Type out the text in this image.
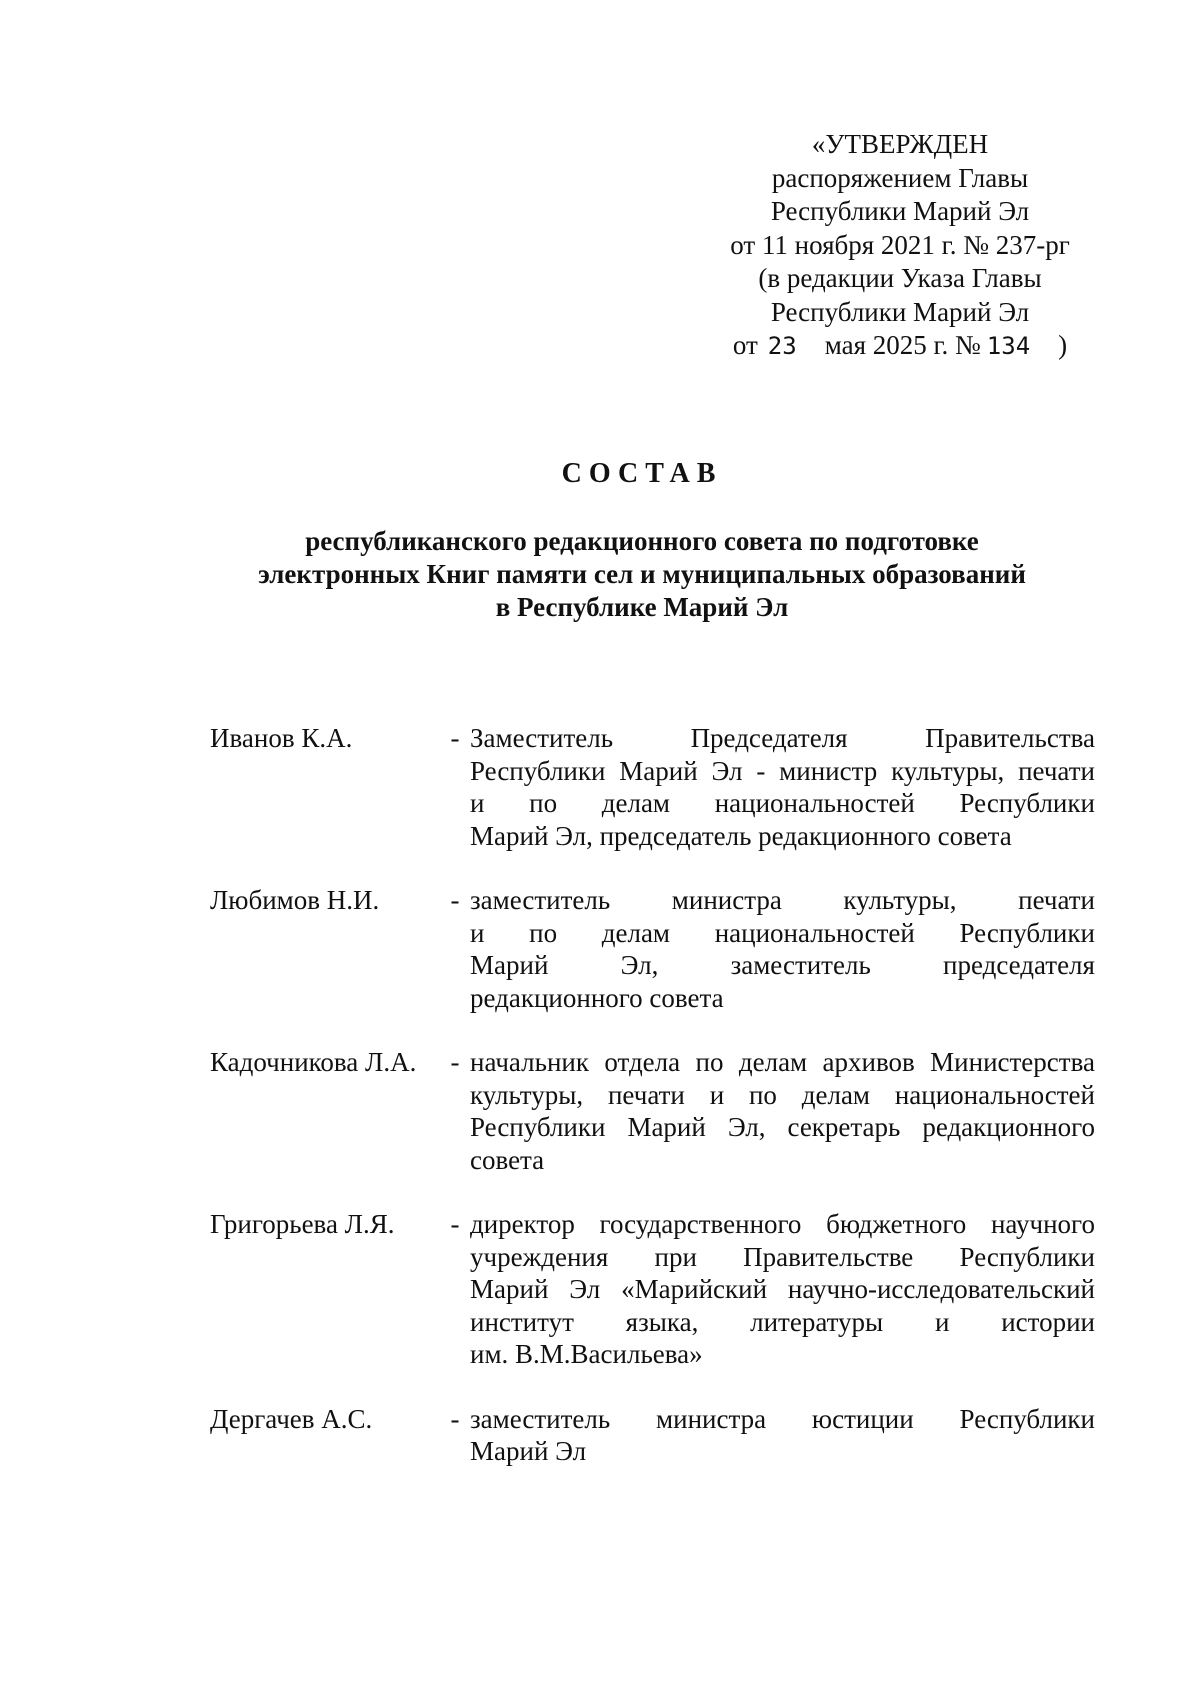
«УТВЕРЖДЕН
распоряжением Главы
Республики Марий Эл
от 11 ноября 2021 г. № 237-рг
(в редакции Указа Главы
Республики Марий Эл
от 23 мая 2025 г. № 134 )
СОСТАВ
республиканского редакционного совета по подготовке
электронных Книг памяти сел и муниципальных образований
в Республике Марий Эл
Иванов К.А.	- Заместитель	Председателя	Правительства
Республики Марий Эл - министр культуры, печати
и по делам национальностей Республики
Марий Эл, председатель редакционного совета
Любимов Н.И.	- заместитель министра культуры, печати
и по делам национальностей Республики
Марий	Эл,	заместитель	председателя
редакционного совета
Кадочникова Л.А.	- начальник отдела по делам архивов Министерства
культуры, печати и по делам национальностей
Республики Марий Эл, секретарь редакционного
совета
Григорьева Л.Я.	- директор государственного бюджетного научного
учреждения при Правительстве Республики
Марий Эл «Марийский научно-исследовательский
институт языка, литературы и истории
им. В.М.Васильева»
Дергачев А.С.	- заместитель министра юстиции Республики
Марий Эл
